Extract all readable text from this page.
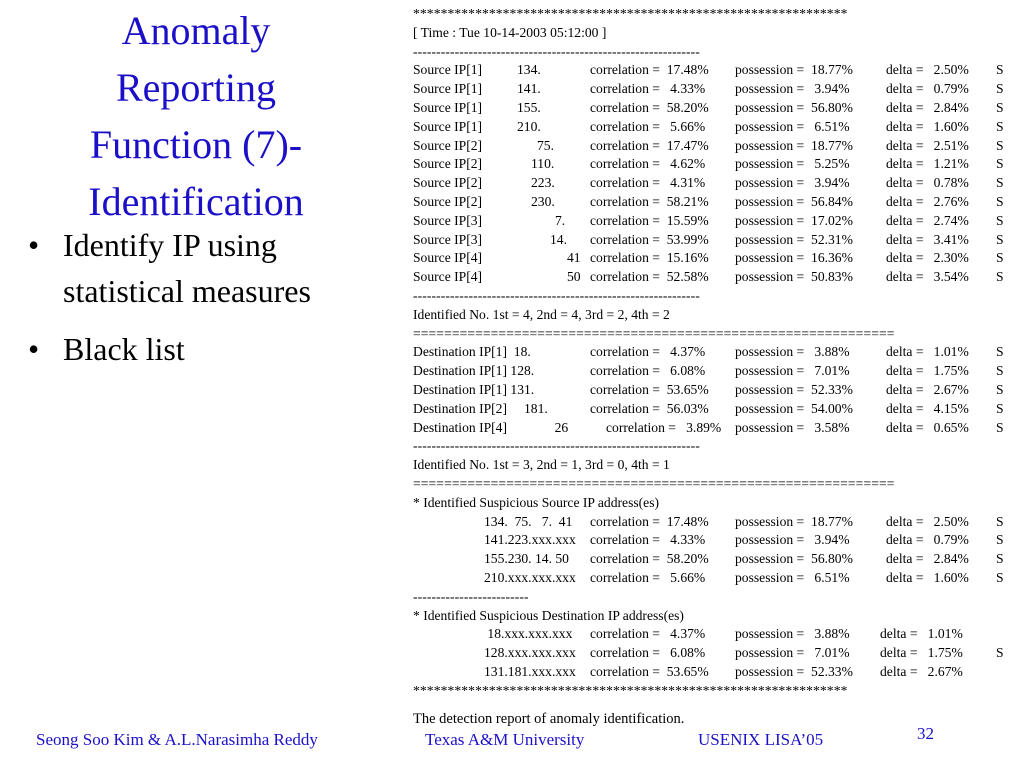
Anomaly
Reporting
Function (7)-
Identification
• Identify IP using statistical measures
• Black list
***************************************************************
[ Time : Tue 10-14-2003 05:12:00 ]
--------------------------------------------------------------
Source IP[1]	134.	correlation =  17.48% possession =  18.77% delta =   2.50% S
Source IP[1]	141.	correlation =   4.33% possession =   3.94%	delta =   0.79% S
Source IP[1]	155.	correlation =  58.20% possession =  56.80% delta =   2.84% S
Source IP[1]	210.	correlation =   5.66% possession =   6.51%	delta =   1.60% S
Source IP[2]	75.	correlation =  17.47% possession =  18.77% delta =   2.51% S
Source IP[2]	110.	correlation =   4.62% possession =   5.25%	delta =   1.21% S
Source IP[2]	223.	correlation =   4.31% possession =   3.94%	delta =   0.78% S
Source IP[2]	230.	correlation =  58.21% possession =  56.84% delta =   2.76% S
Source IP[3]	7. correlation =  15.59% possession =  17.02% delta =   2.74% S
Source IP[3]	14. correlation =  53.99% possession =  52.31% delta =   3.41% S
Source IP[4]	41 correlation =  15.16% possession =  16.36% delta =   2.30% S
Source IP[4]	50 correlation =  52.58% possession =  50.83% delta =   3.54% S
--------------------------------------------------------------
Identified No. 1st = 4, 2nd = 4, 3rd = 2, 4th = 2
==============================================================
Destination IP[1]  18.	correlation =   4.37% possession =   3.88%	delta =   1.01% S
Destination IP[1] 128.	correlation =   6.08% possession =   7.01%	delta =   1.75% S
Destination IP[1] 131.	correlation =  53.65% possession =  52.33% delta =   2.67% S
Destination IP[2]     181.	correlation =  56.03% possession =  54.00% delta =   4.15% S
Destination IP[4]              26	correlation =   3.89% possession =   3.58%	delta =   0.65% S
--------------------------------------------------------------
Identified No. 1st = 3, 2nd = 1, 3rd = 0, 4th = 1
==============================================================
* Identified Suspicious Source IP address(es)
134.  75.   7.  41 correlation =  17.48% possession =  18.77% delta =   2.50% S
141.223.xxx.xxx correlation =   4.33% possession =   3.94%	delta =   0.79% S
155.230. 14. 50 correlation =  58.20% possession =  56.80% delta =   2.84% S
210.xxx.xxx.xxx correlation =   5.66% possession =   6.51%	delta =   1.60% S
-------------------------
* Identified Suspicious Destination IP address(es)
18.xxx.xxx.xxx correlation =   4.37% possession =   3.88% delta =   1.01%
128.xxx.xxx.xxx correlation =   6.08% possession =   7.01% delta =   1.75% S
131.181.xxx.xxx correlation =  53.65% possession =  52.33% delta =   2.67%
***************************************************************
The detection report of anomaly identification.
Seong Soo Kim & A.L.Narasimha Reddy	Texas A&M University	USENIX LISA’05	32
